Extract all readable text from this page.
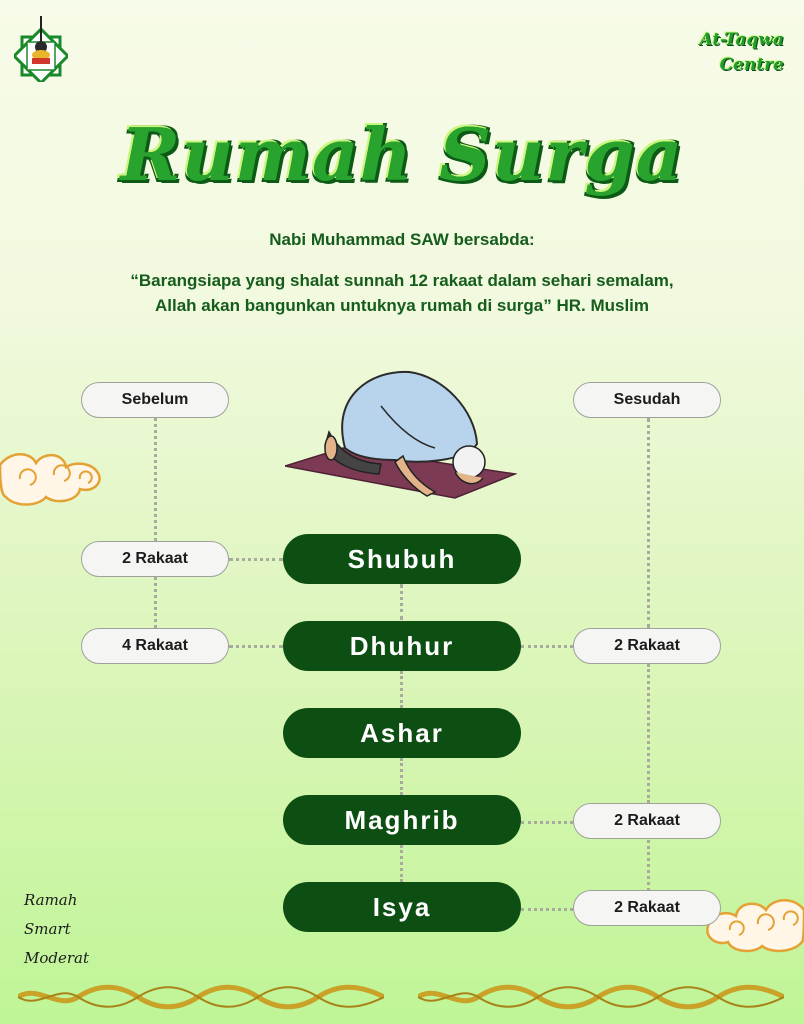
At-Taqwa
Centre
Rumah Surga
Nabi Muhammad SAW bersabda:
“Barangsiapa yang shalat sunnah 12 rakaat dalam sehari semalam,
Allah akan bangunkan untuknya rumah di surga” HR. Muslim
Sebelum	Sesudah
Shubuh
Dhuhur
Ashar
Maghrib
Isya
2 Rakaat
4 Rakaat	2 Rakaat
2 Rakaat
2 Rakaat
Ramah
Smart
Moderat
